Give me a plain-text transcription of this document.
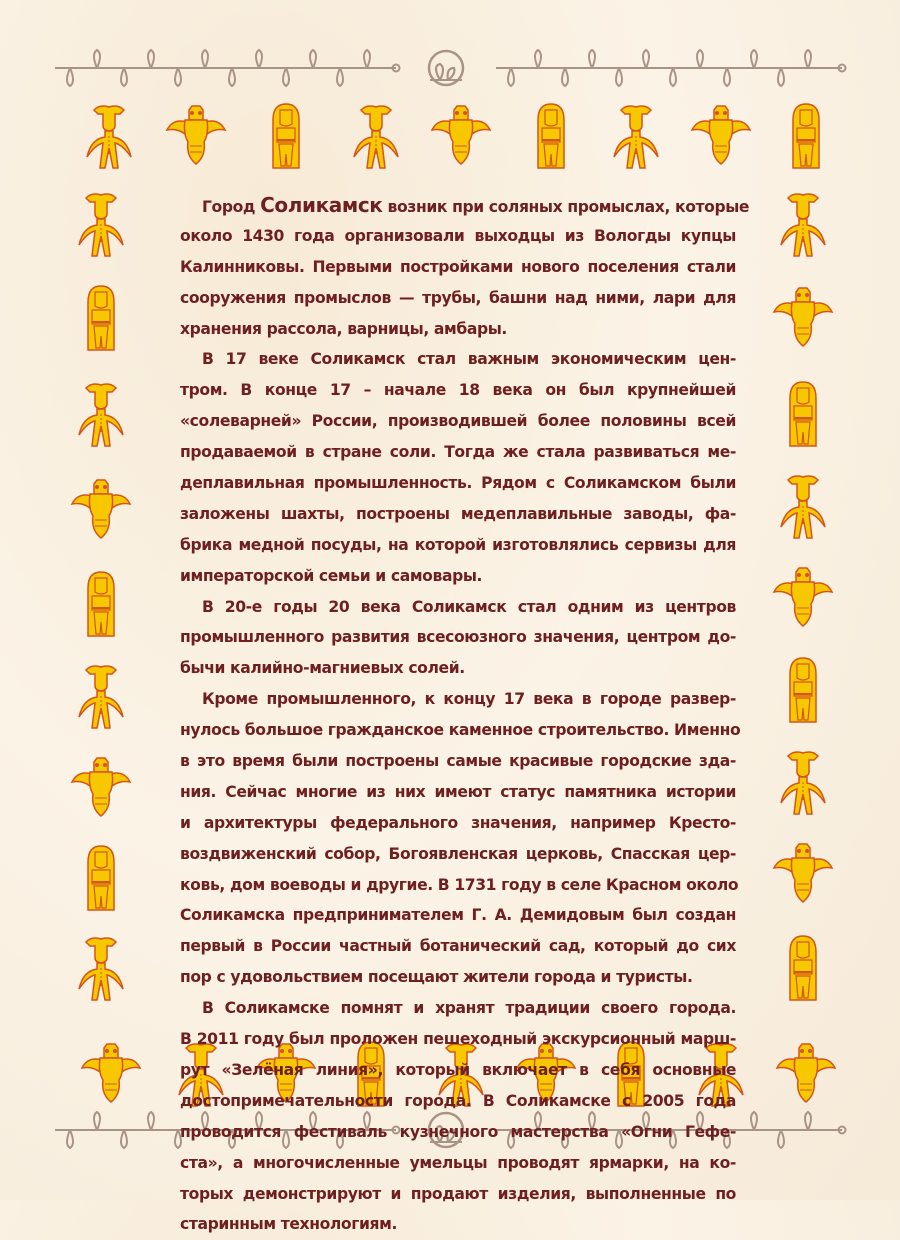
Город Соликамск возник при соляных промыслах, которые
около 1430 года организовали выходцы из Вологды купцы
Калинниковы. Первыми постройками нового поселения стали
сооружения промыслов — трубы, башни над ними, лари для
хранения рассола, варницы, амбары.
В 17 веке Соликамск стал важным экономическим цен-
тром. В конце 17 – начале 18 века он был крупнейшей
«солеварней» России, производившей более половины всей
продаваемой в стране соли. Тогда же стала развиваться ме-
деплавильная промышленность. Рядом с Соликамском были
заложены шахты, построены медеплавильные заводы, фа-
брика медной посуды, на которой изготовлялись сервизы для
императорской семьи и самовары.
В 20-е годы 20 века Соликамск стал одним из центров
промышленного развития всесоюзного значения, центром до-
бычи калийно-магниевых солей.
Кроме промышленного, к концу 17 века в городе развер-
нулось большое гражданское каменное строительство. Именно
в это время были построены самые красивые городские зда-
ния. Сейчас многие из них имеют статус памятника истории
и архитектуры федерального значения, например Кресто-
воздвиженский собор, Богоявленская церковь, Спасская цер-
ковь, дом воеводы и другие. В 1731 году в селе Красном около
Соликамска предпринимателем Г. А. Демидовым был создан
первый в России частный ботанический сад, который до сих
пор с удовольствием посещают жители города и туристы.
В Соликамске помнят и хранят традиции своего города.
В 2011 году был проложен пешеходный экскурсионный марш-
рут «Зелёная линия», который включает в себя основные
достопримечательности города. В Соликамске с 2005 года
проводится фестиваль кузнечного мастерства «Огни Гефе-
ста», а многочисленные умельцы проводят ярмарки, на ко-
торых демонстрируют и продают изделия, выполненные по
старинным технологиям.
